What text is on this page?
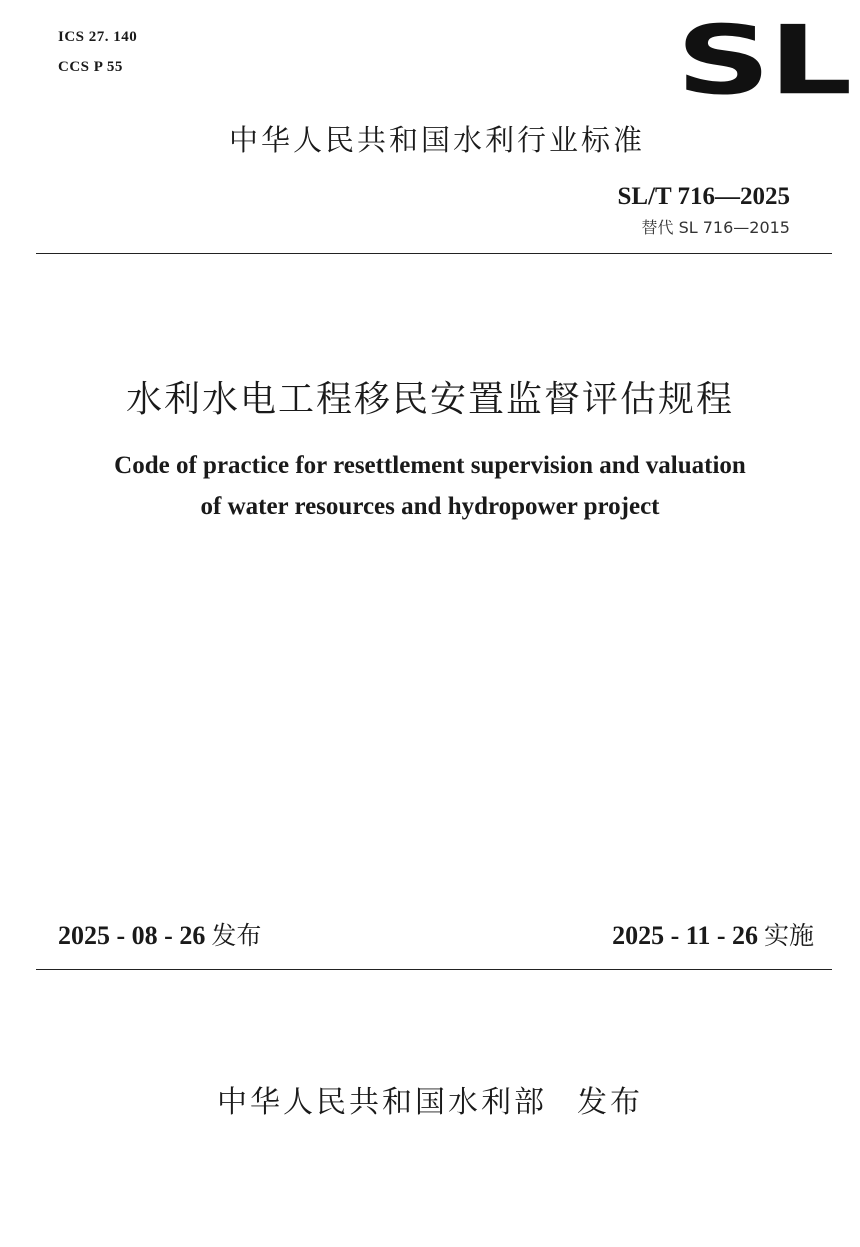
ICS 27. 140
CCS P 55	SL
中华人民共和国水利行业标准
SL/T 716—2025
替代 SL 716—2015
水利水电工程移民安置监督评估规程
Code of practice for resettlement supervision and valuation
of water resources and hydropower project
2025 - 08 - 26 发布	2025 - 11 - 26 实施
中华人民共和国水利部 发布
